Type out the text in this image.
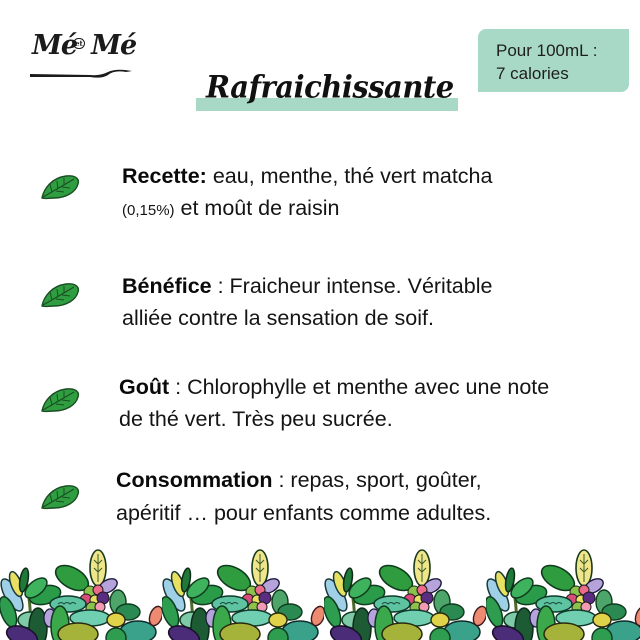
Mé Mé
et	Pour 100mL :
7 calories
Rafraichissante
Recette: eau, menthe, thé vert matcha
(0,15%) et moût de raisin
Bénéfice : Fraicheur intense. Véritable
alliée contre la sensation de soif.
Goût : Chlorophylle et menthe avec une note
de thé vert. Très peu sucrée.
Consommation : repas, sport, goûter,
apéritif … pour enfants comme adultes.
